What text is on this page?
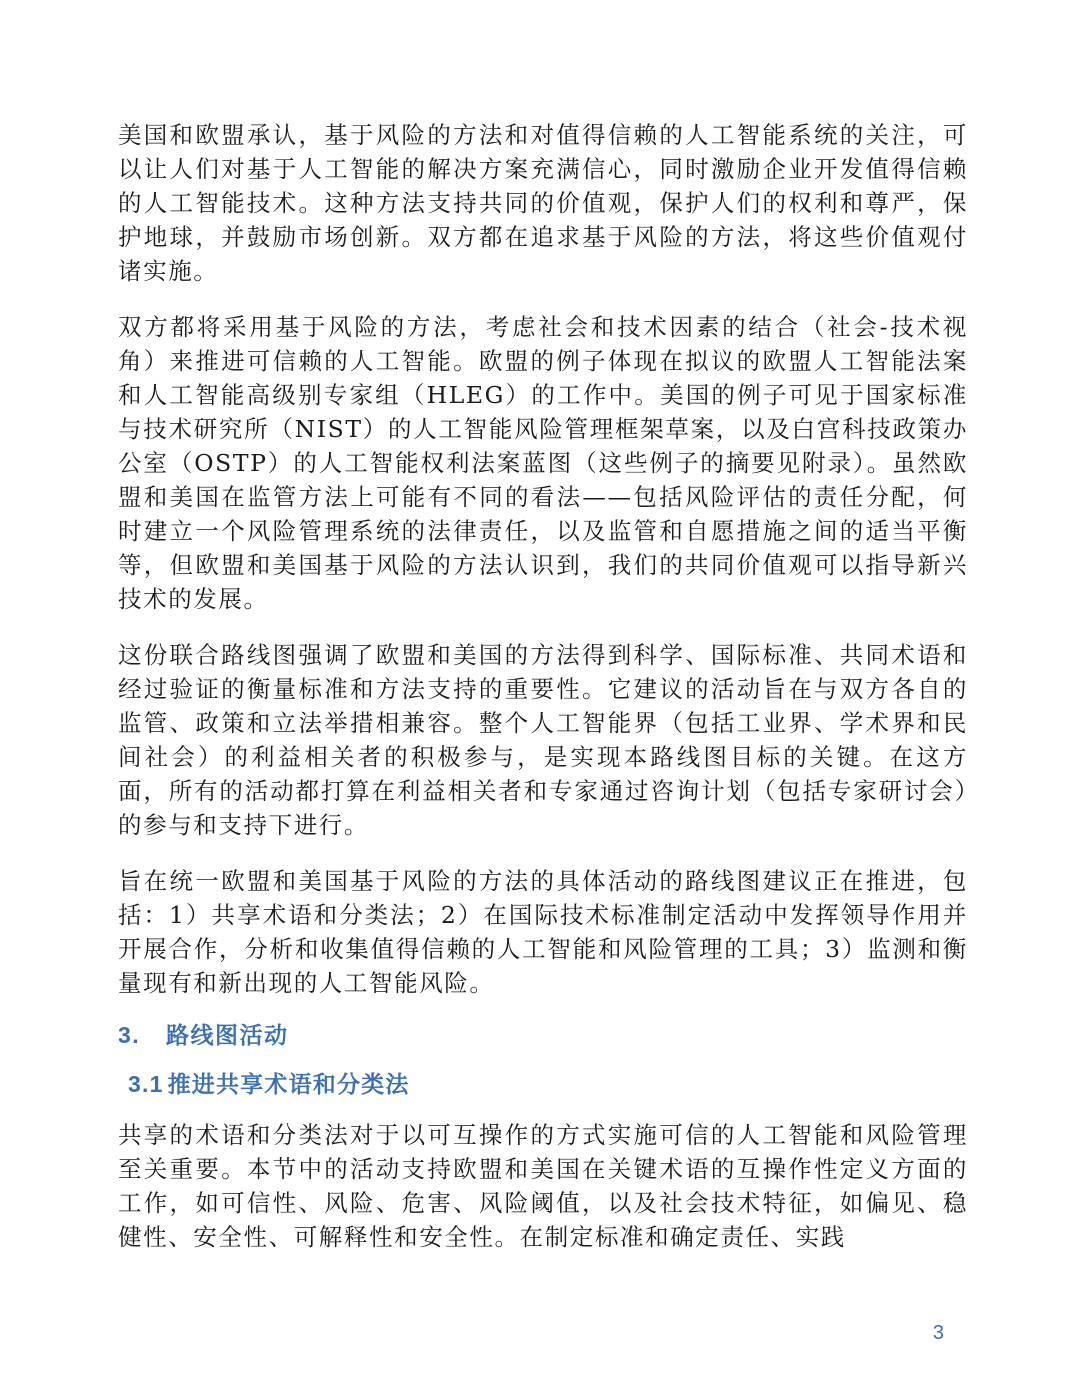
美国和欧盟承认，基于风险的方法和对值得信赖的人工智能系统的关注，可以让人们对基于人工智能的解决方案充满信心，同时激励企业开发值得信赖的人工智能技术。这种方法支持共同的价值观，保护人们的权利和尊严，保护地球，并鼓励市场创新。双方都在追求基于风险的方法，将这些价值观付诸实施。

双方都将采用基于风险的方法，考虑社会和技术因素的结合（社会-技术视角）来推进可信赖的人工智能。欧盟的例子体现在拟议的欧盟人工智能法案和人工智能高级别专家组（HLEG）的工作中。美国的例子可见于国家标准与技术研究所（NIST）的人工智能风险管理框架草案，以及白宫科技政策办公室（OSTP）的人工智能权利法案蓝图（这些例子的摘要见附录）。虽然欧盟和美国在监管方法上可能有不同的看法——包括风险评估的责任分配，何时建立一个风险管理系统的法律责任，以及监管和自愿措施之间的适当平衡等，但欧盟和美国基于风险的方法认识到，我们的共同价值观可以指导新兴技术的发展。

这份联合路线图强调了欧盟和美国的方法得到科学、国际标准、共同术语和经过验证的衡量标准和方法支持的重要性。它建议的活动旨在与双方各自的监管、政策和立法举措相兼容。整个人工智能界（包括工业界、学术界和民间社会）的利益相关者的积极参与，是实现本路线图目标的关键。在这方面，所有的活动都打算在利益相关者和专家通过咨询计划（包括专家研讨会）的参与和支持下进行。

旨在统一欧盟和美国基于风险的方法的具体活动的路线图建议正在推进，包括：1）共享术语和分类法；2）在国际技术标准制定活动中发挥领导作用并开展合作，分析和收集值得信赖的人工智能和风险管理的工具；3）监测和衡量现有和新出现的人工智能风险。

3. 路线图活动
3.1 推进共享术语和分类法

共享的术语和分类法对于以可互操作的方式实施可信的人工智能和风险管理至关重要。本节中的活动支持欧盟和美国在关键术语的互操作性定义方面的工作，如可信性、风险、危害、风险阈值，以及社会技术特征，如偏见、稳健性、安全性、可解释性和安全性。在制定标准和确定责任、实践

3
